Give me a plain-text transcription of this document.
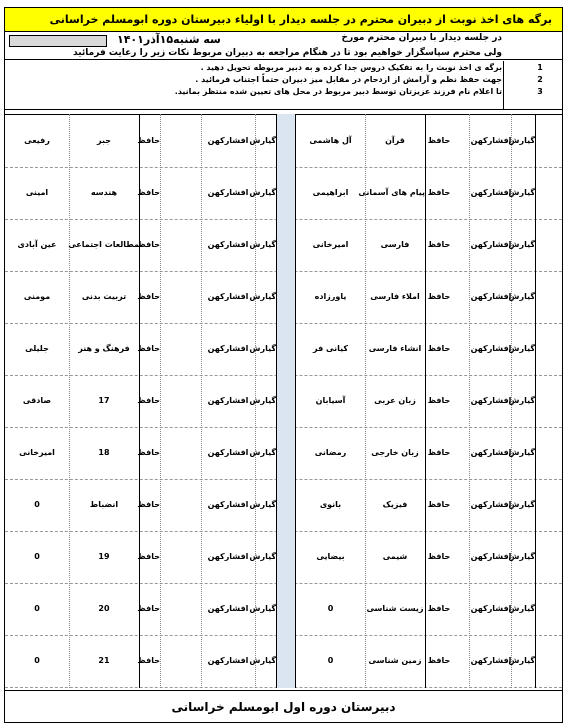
برگه های اخذ نوبت از دبیران محترم در جلسه دیدار با اولیاء دبیرستان دوره ابومسلم خراسانی
در جلسه دیدار با دبیران محترم مورخ
سه شنبه۱۵آذر۱۴۰۱
ولی محترم سپاسگزار خواهیم بود تا در هنگام مراجعه به دبیران مربوط نکات زیر را رعایت فرمائید
1
برگه ی اخذ نوبت را به تفکیک دروس جدا کرده و به دبیر مربوطه تحویل دهید .
2
جهت حفظ نظم و آرامش از ازدحام در مقابل میز دبیران حتماً اجتناب فرمائید .
3
تا اعلام نام فرزند عزیزتان توسط دبیر مربوط در محل های تعیین شده منتظر بمانید.
گیارش
افشارکهن
حافظ
قرآن
آل هاشمی
گیارش
افشارکهن
حافظ
جبر
رفیعی
گیارش
افشارکهن
حافظ
پیام های آسمانی
ابراهیمی
گیارش
افشارکهن
حافظ
هندسه
امینی
گیارش
افشارکهن
حافظ
فارسی
امیرخانی
گیارش
افشارکهن
حافظ
مطالعات اجتماعی
عین آبادی
گیارش
افشارکهن
حافظ
املاء فارسی
یاورزاده
گیارش
افشارکهن
حافظ
تربیت بدنی
مومنی
گیارش
افشارکهن
حافظ
انشاء فارسی
کیانی فر
گیارش
افشارکهن
حافظ
فرهنگ و هنر
جلیلی
گیارش
افشارکهن
حافظ
زبان عربی
آسیابان
گیارش
افشارکهن
حافظ
17
صادقی
گیارش
افشارکهن
حافظ
زبان خارجی
رمضانی
گیارش
افشارکهن
حافظ
18
امیرخانی
گیارش
افشارکهن
حافظ
فیزیک
بانوی
گیارش
افشارکهن
حافظ
انضباط
0
گیارش
افشارکهن
حافظ
شیمی
بیضایی
گیارش
افشارکهن
حافظ
19
0
گیارش
افشارکهن
حافظ
زیست شناسی
0
گیارش
افشارکهن
حافظ
20
0
گیارش
افشارکهن
حافظ
زمین شناسی
0
گیارش
افشارکهن
حافظ
21
0
دبیرستان دوره اول ابومسلم خراسانی
